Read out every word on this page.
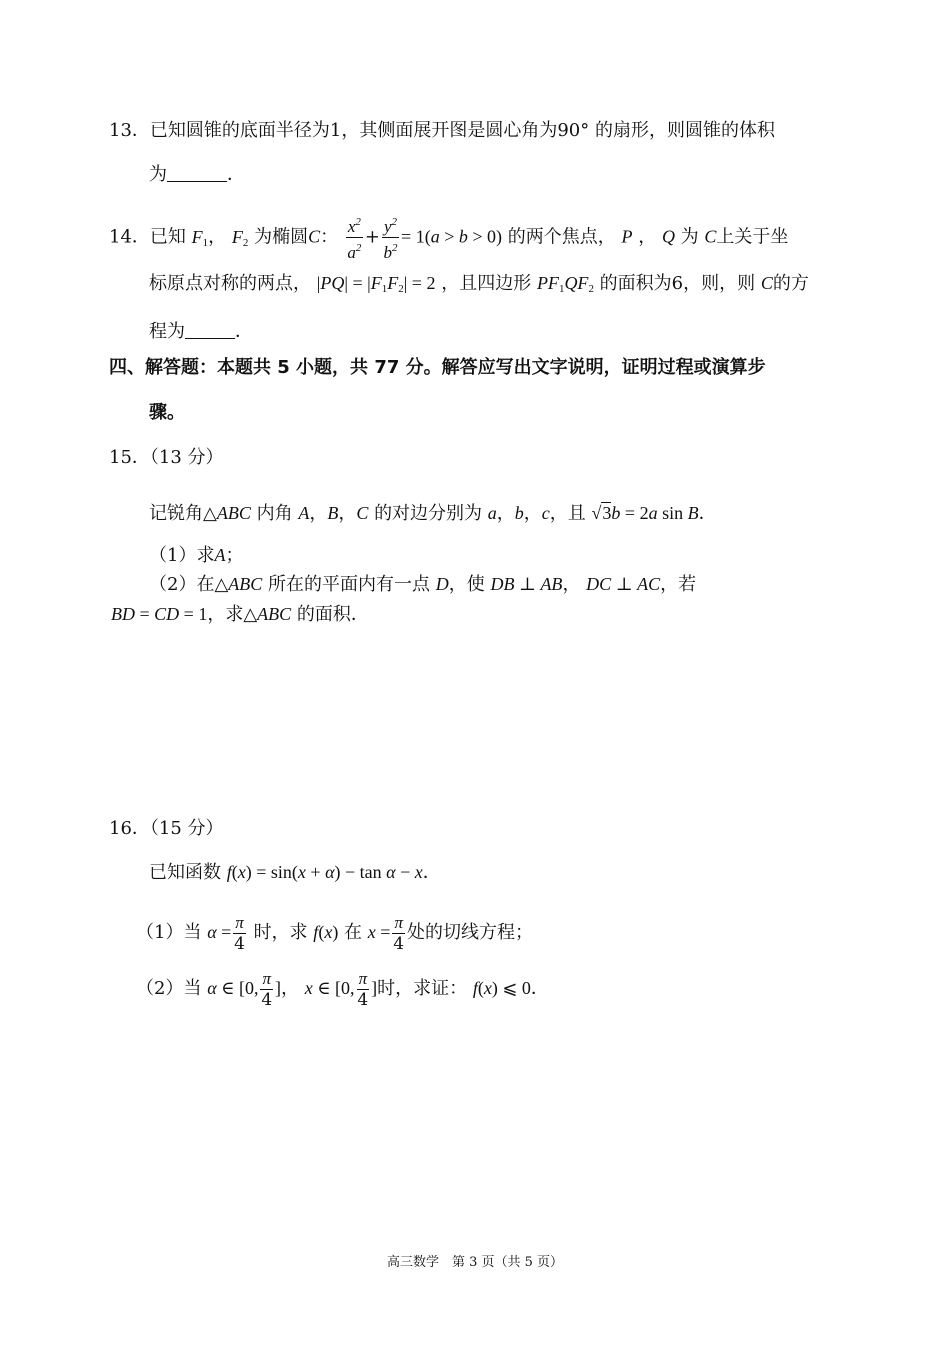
13．已知圆锥的底面半径为1，其侧面展开图是圆心角为90° 的扇形，则圆锥的体积
为	．
14．已知 $F_1$， $F_2$ 为椭圆C： $\frac{x^2}{a^2} + \frac{y^2}{b^2} = 1(a > b > 0)$ 的两个焦点， P ， Q 为 C上关于坐
标原点对称的两点， $|PQ| = |F_1F_2| = 2$ ，且四边形 $PF_1QF_2$ 的面积为6，则，则 C的方
程为	．
四、解答题：本题共 5 小题，共 77 分。解答应写出文字说明，证明过程或演算步
骤。
15．（13 分）
记锐角△ABC 内角 A，B，C 的对边分别为 a，b，c，且 √3b = 2a sin B．
（1）求A；
（2）在△ABC 所在的平面内有一点 D，使 DB ⊥ AB， DC ⊥ AC，若
BD = CD = 1，求△ABC 的面积．
16．（15 分）
已知函数 f(x) = sin(x + α) − tan α − x．
（1）当 $\alpha = \frac{\pi}{4}$ 时，求 f(x) 在 $x = \frac{\pi}{4}$ 处的切线方程；
（2）当 α ∈ [0, $\frac{\pi}{4}$ ]， x ∈ [0, $\frac{\pi}{4}$ ]时，求证： f(x) ⩽ 0．
高三数学　第 3 页（共 5 页）
